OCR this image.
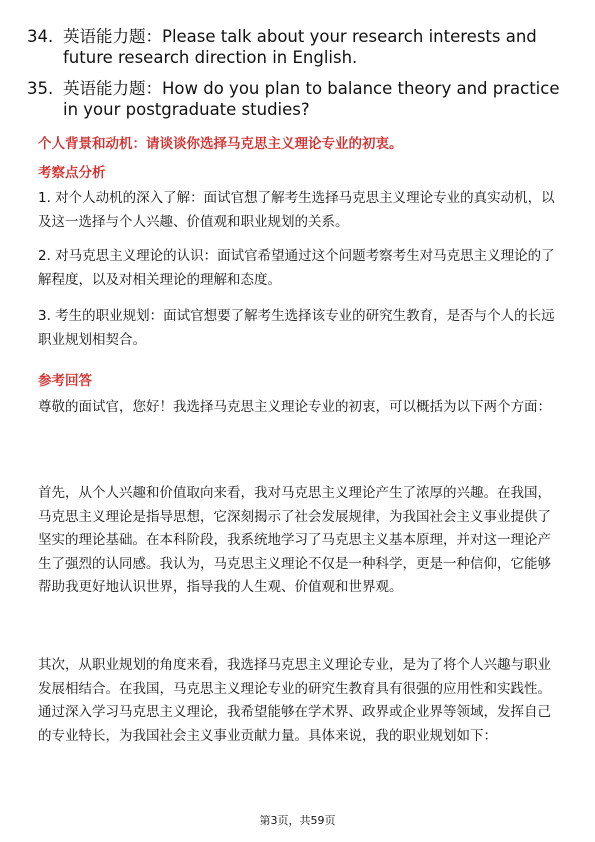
34. 英语能力题：Please talk about your research interests and future research direction in English.
35. 英语能力题：How do you plan to balance theory and practice in your postgraduate studies?
个人背景和动机：请谈谈你选择马克思主义理论专业的初衷。
考察点分析
1. 对个人动机的深入了解：面试官想了解考生选择马克思主义理论专业的真实动机，以及这一选择与个人兴趣、价值观和职业规划的关系。
2. 对马克思主义理论的认识：面试官希望通过这个问题考察考生对马克思主义理论的了解程度，以及对相关理论的理解和态度。
3. 考生的职业规划：面试官想要了解考生选择该专业的研究生教育，是否与个人的长远职业规划相契合。
参考回答
尊敬的面试官，您好！我选择马克思主义理论专业的初衷，可以概括为以下两个方面：
首先，从个人兴趣和价值取向来看，我对马克思主义理论产生了浓厚的兴趣。在我国，马克思主义理论是指导思想，它深刻揭示了社会发展规律，为我国社会主义事业提供了坚实的理论基础。在本科阶段，我系统地学习了马克思主义基本原理，并对这一理论产生了强烈的认同感。我认为，马克思主义理论不仅是一种科学，更是一种信仰，它能够帮助我更好地认识世界，指导我的人生观、价值观和世界观。
其次，从职业规划的角度来看，我选择马克思主义理论专业，是为了将个人兴趣与职业发展相结合。在我国，马克思主义理论专业的研究生教育具有很强的应用性和实践性。通过深入学习马克思主义理论，我希望能够在学术界、政界或企业界等领域，发挥自己的专业特长，为我国社会主义事业贡献力量。具体来说，我的职业规划如下：
第3页，共59页
